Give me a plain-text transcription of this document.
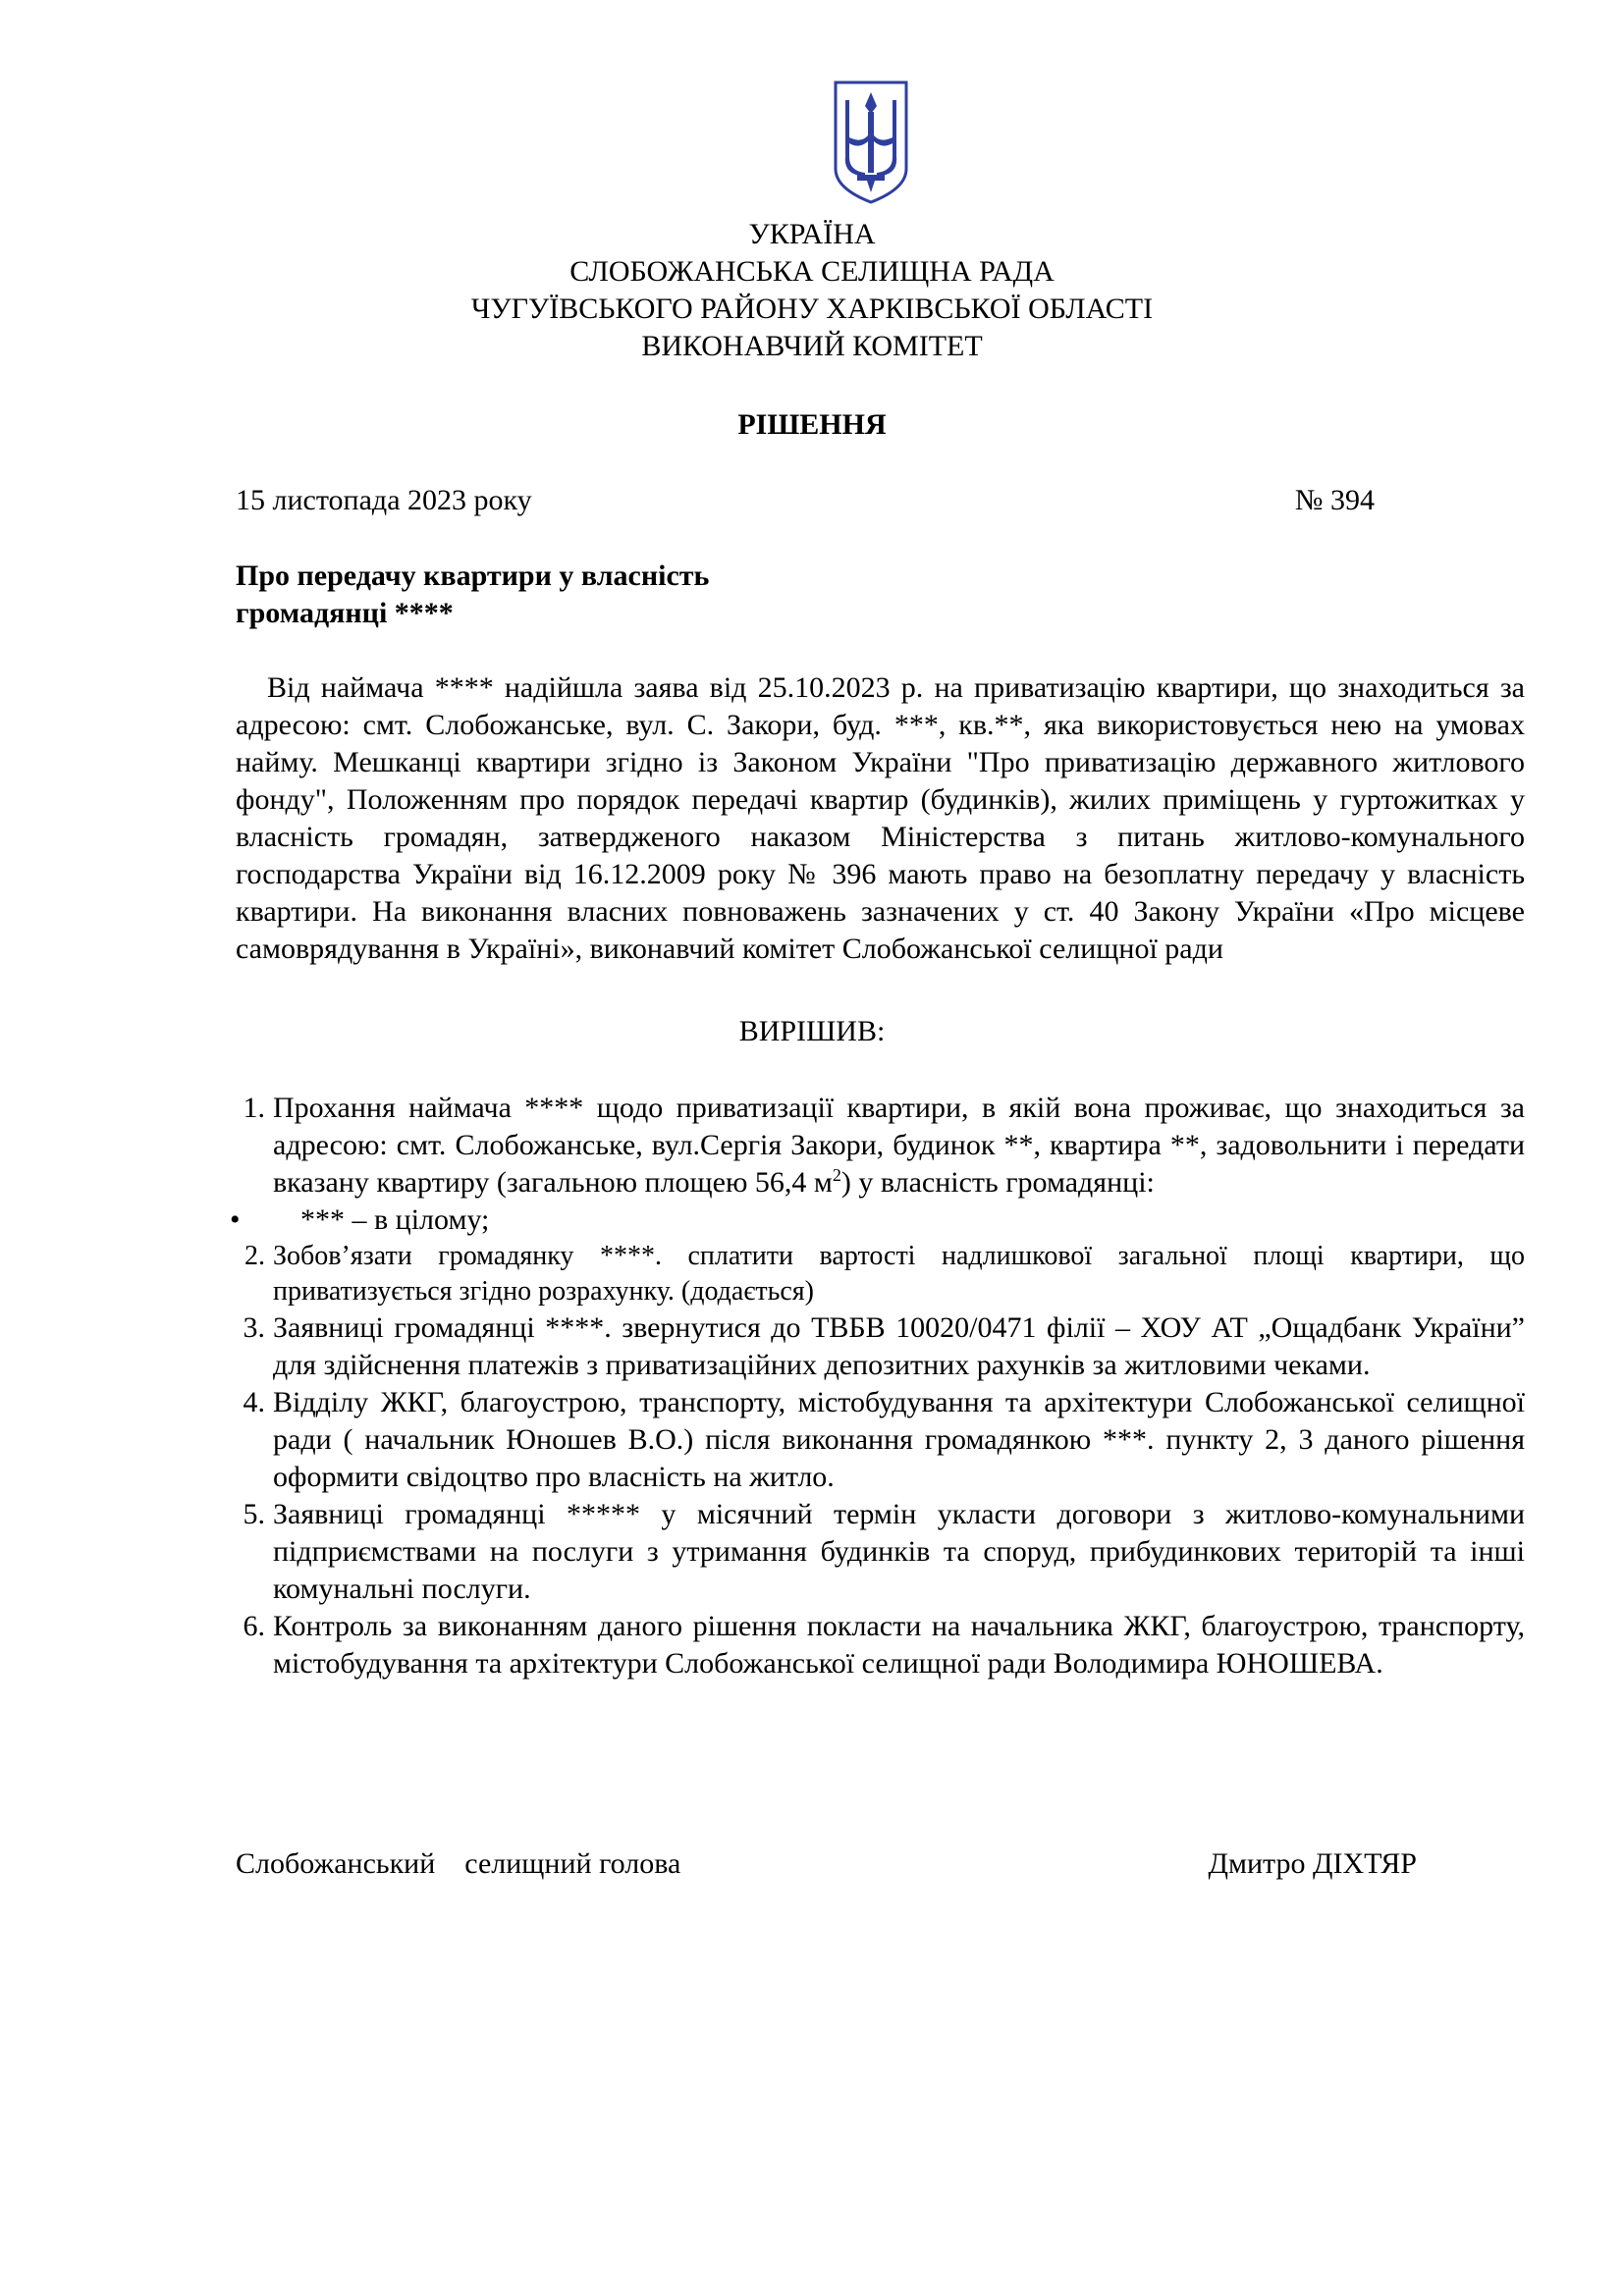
УКРАЇНА
СЛОБОЖАНСЬКА СЕЛИЩНА РАДА
ЧУГУЇВСЬКОГО РАЙОНУ ХАРКІВСЬКОЇ ОБЛАСТІ
ВИКОНАВЧИЙ КОМІТЕТ
РІШЕННЯ
15 листопада 2023 року	№ 394
Про передачу квартири у власність
громадянці ****
Від наймача **** надійшла заява від 25.10.2023 р. на приватизацію квартири, що знаходиться за адресою: смт. Слобожанське, вул. С. Закори, буд. ***, кв.**, яка використовується нею на умовах найму. Мешканці квартири згідно із Законом України "Про приватизацію державного житлового фонду", Положенням про порядок передачі квартир (будинків), жилих приміщень у гуртожитках у власність громадян, затвердженого наказом Міністерства з питань житлово-комунального господарства України від 16.12.2009 року № 396 мають право на безоплатну передачу у власність квартири. На виконання власних повноважень зазначених у ст. 40 Закону України «Про місцеве самоврядування в Україні», виконавчий комітет Слобожанської селищної ради
ВИРІШИВ:
1. Прохання наймача **** щодо приватизації квартири, в якій вона проживає, що знаходиться за адресою: смт. Слобожанське, вул.Сергія Закори, будинок **, квартира **, задовольнити і передати вказану квартиру (загальною площею 56,4 $м^2$) у власність громадянці:
• *** – в цілому;
2. Зобов’язати громадянку ****. сплатити вартості надлишкової загальної площі квартири, що приватизується згідно розрахунку. (додається)
3. Заявниці громадянці ****. звернутися до ТВБВ 10020/0471 філії – ХОУ АТ „Ощадбанк України” для здійснення платежів з приватизаційних депозитних рахунків за житловими чеками.
4. Відділу ЖКГ, благоустрою, транспорту, містобудування та архітектури Слобожанської селищної ради ( начальник Юношев В.О.) після виконання громадянкою ***. пункту 2, 3 даного рішення оформити свідоцтво про власність на житло.
5. Заявниці громадянці ***** у місячний термін укласти договори з житлово-комунальними підприємствами на послуги з утримання будинків та споруд, прибудинкових територій та інші комунальні послуги.
6. Контроль за виконанням даного рішення покласти на начальника ЖКГ, благоустрою, транспорту, містобудування та архітектури Слобожанської селищної ради Володимира ЮНОШЕВА.
Слобожанський    селищний голова	Дмитро ДІХТЯР
